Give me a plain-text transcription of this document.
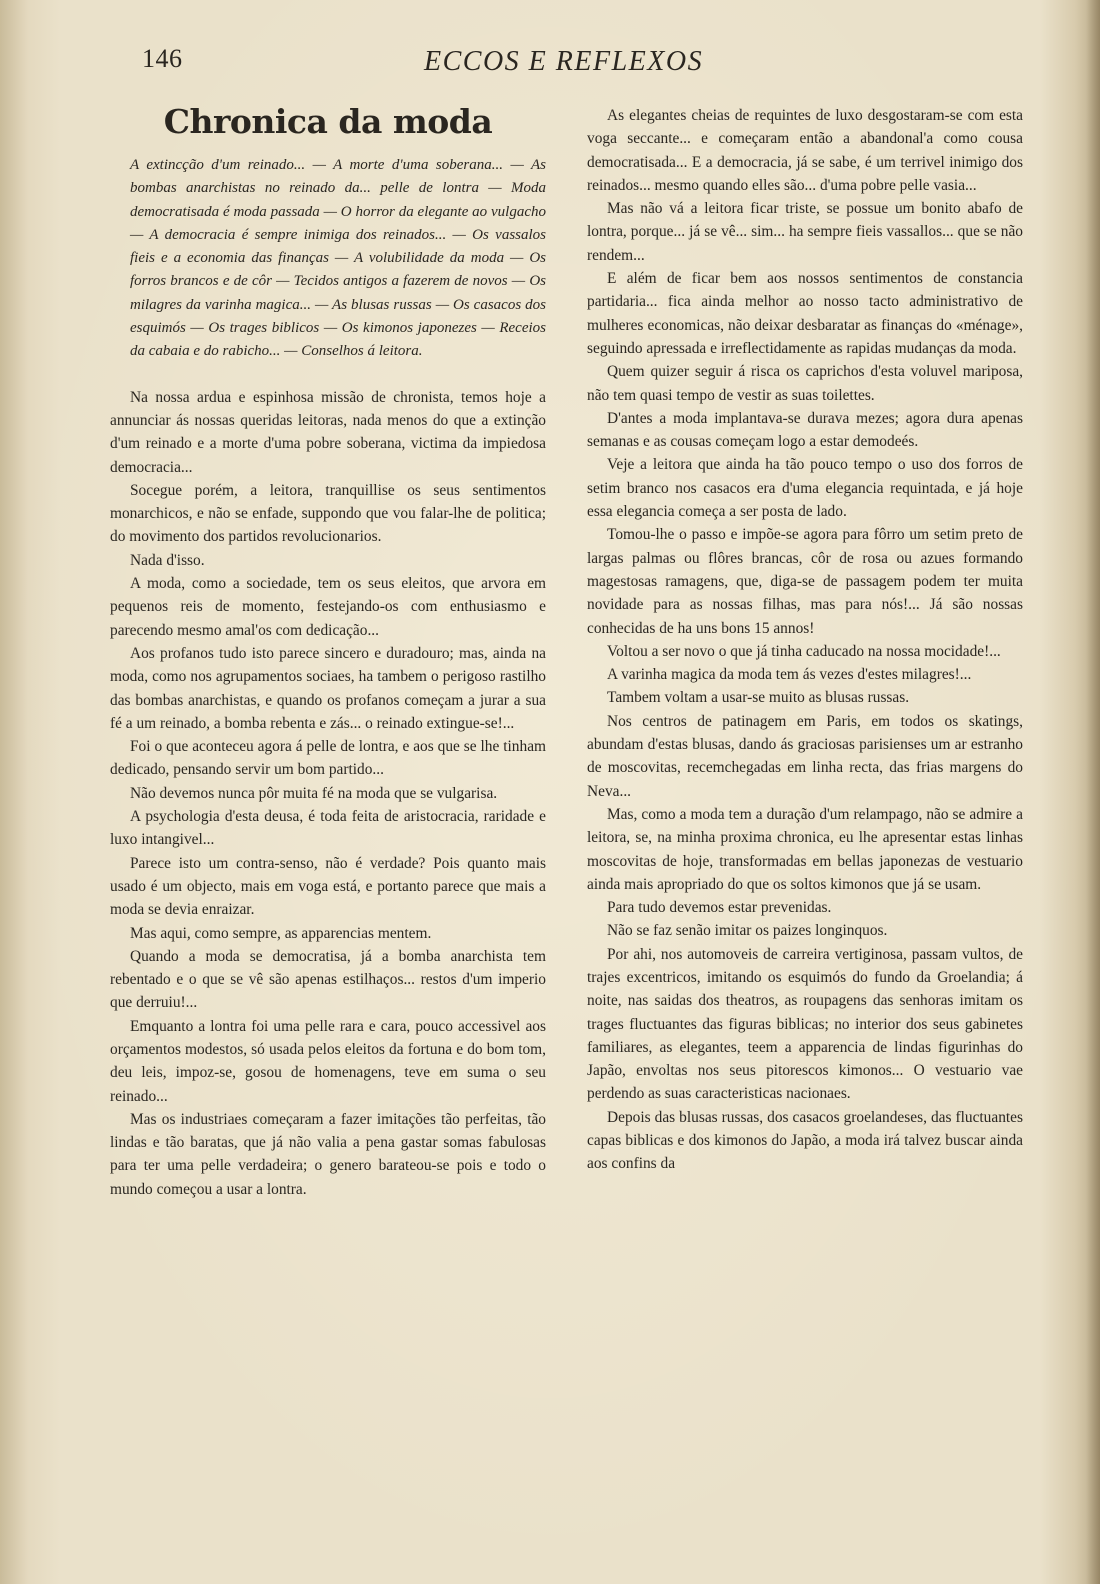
146	ECCOS E REFLEXOS
Chronica da moda
A extincção d'um reinado... — A morte d'uma soberana... — As bombas anarchistas no reinado da... pelle de lontra — Moda democratisada é moda passada — O horror da elegante ao vulgacho — A democracia é sempre inimiga dos reinados... — Os vassalos fieis e a economia das finanças — A volubilidade da moda — Os forros brancos e de côr — Tecidos antigos a fazerem de novos — Os milagres da varinha magica... — As blusas russas — Os casacos dos esquimós — Os trages biblicos — Os kimonos japonezes — Receios da cabaia e do rabicho... — Conselhos á leitora.

Na nossa ardua e espinhosa missão de chronista, temos hoje a annunciar ás nossas queridas leitoras, nada menos do que a extinção d'um reinado e a morte d'uma pobre soberana, victima da impiedosa democracia...

Socegue porém, a leitora, tranquillise os seus sentimentos monarchicos, e não se enfade, suppondo que vou falar-lhe de politica; do movimento dos partidos revolucionarios.

Nada d'isso.

A moda, como a sociedade, tem os seus eleitos, que arvora em pequenos reis de momento, festejando-os com enthusiasmo e parecendo mesmo amal'os com dedicação...

Aos profanos tudo isto parece sincero e duradouro; mas, ainda na moda, como nos agrupamentos sociaes, ha tambem o perigoso rastilho das bombas anarchistas, e quando os profanos começam a jurar a sua fé a um reinado, a bomba rebenta e zás... o reinado extingue-se!...

Foi o que aconteceu agora á pelle de lontra, e aos que se lhe tinham dedicado, pensando servir um bom partido...

Não devemos nunca pôr muita fé na moda que se vulgarisa.

A psychologia d'esta deusa, é toda feita de aristocracia, raridade e luxo intangivel...

Parece isto um contra-senso, não é verdade? Pois quanto mais usado é um objecto, mais em voga está, e portanto parece que mais a moda se devia enraizar.

Mas aqui, como sempre, as apparencias mentem.

Quando a moda se democratisa, já a bomba anarchista tem rebentado e o que se vê são apenas estilhaços... restos d'um imperio que derruiu!...

Emquanto a lontra foi uma pelle rara e cara, pouco accessivel aos orçamentos modestos, só usada pelos eleitos da fortuna e do bom tom, deu leis, impoz-se, gosou de homenagens, teve em suma o seu reinado...

Mas os industriaes começaram a fazer imitações tão perfeitas, tão lindas e tão baratas, que já não valia a pena gastar somas fabulosas para ter uma pelle verdadeira; o genero barateou-se pois e todo o mundo começou a usar a lontra.

As elegantes cheias de requintes de luxo desgostaram-se com esta voga seccante... e começaram então a abandonal'a como cousa democratisada... E a democracia, já se sabe, é um terrivel inimigo dos reinados... mesmo quando elles são... d'uma pobre pelle vasia...

Mas não vá a leitora ficar triste, se possue um bonito abafo de lontra, porque... já se vê... sim... ha sempre fieis vassallos... que se não rendem...

E além de ficar bem aos nossos sentimentos de constancia partidaria... fica ainda melhor ao nosso tacto administrativo de mulheres economicas, não deixar desbaratar as finanças do «ménage», seguindo apressada e irreflectidamente as rapidas mudanças da moda.

Quem quizer seguir á risca os caprichos d'esta voluvel mariposa, não tem quasi tempo de vestir as suas toilettes.

D'antes a moda implantava-se durava mezes; agora dura apenas semanas e as cousas começam logo a estar demodeés.

Veje a leitora que ainda ha tão pouco tempo o uso dos forros de setim branco nos casacos era d'uma elegancia requintada, e já hoje essa elegancia começa a ser posta de lado.

Tomou-lhe o passo e impõe-se agora para fôrro um setim preto de largas palmas ou flôres brancas, côr de rosa ou azues formando magestosas ramagens, que, diga-se de passagem podem ter muita novidade para as nossas filhas, mas para nós!... Já são nossas conhecidas de ha uns bons 15 annos!

Voltou a ser novo o que já tinha caducado na nossa mocidade!...

A varinha magica da moda tem ás vezes d'estes milagres!...

Tambem voltam a usar-se muito as blusas russas.

Nos centros de patinagem em Paris, em todos os skatings, abundam d'estas blusas, dando ás graciosas parisienses um ar estranho de moscovitas, recemchegadas em linha recta, das frias margens do Neva...

Mas, como a moda tem a duração d'um relampago, não se admire a leitora, se, na minha proxima chronica, eu lhe apresentar estas linhas moscovitas de hoje, transformadas em bellas japonezas de vestuario ainda mais apropriado do que os soltos kimonos que já se usam.

Para tudo devemos estar prevenidas.

Não se faz senão imitar os paizes longinquos.

Por ahi, nos automoveis de carreira vertiginosa, passam vultos, de trajes excentricos, imitando os esquimós do fundo da Groelandia; á noite, nas saidas dos theatros, as roupagens das senhoras imitam os trages fluctuantes das figuras biblicas; no interior dos seus gabinetes familiares, as elegantes, teem a apparencia de lindas figurinhas do Japão, envoltas nos seus pitorescos kimonos... O vestuario vae perdendo as suas caracteristicas nacionaes.

Depois das blusas russas, dos casacos groelandeses, das fluctuantes capas biblicas e dos kimonos do Japão, a moda irá talvez buscar ainda aos confins da
